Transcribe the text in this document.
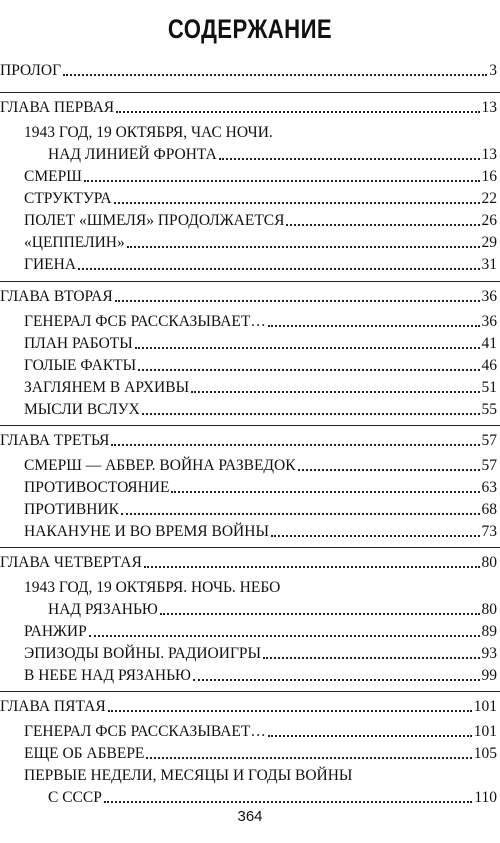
СОДЕРЖАНИЕ
ПРОЛОГ	3
ГЛАВА ПЕРВАЯ	13
1943 ГОД, 19 ОКТЯБРЯ, ЧАС НОЧИ.
НАД ЛИНИЕЙ ФРОНТА	13
СМЕРШ	16
СТРУКТУРА	22
ПОЛЕТ «ШМЕЛЯ» ПРОДОЛЖАЕТСЯ	26
«ЦЕППЕЛИН»	29
ГИЕНА	31
ГЛАВА ВТОРАЯ	36
ГЕНЕРАЛ ФСБ РАССКАЗЫВАЕТ…	36
ПЛАН РАБОТЫ	41
ГОЛЫЕ ФАКТЫ	46
ЗАГЛЯНЕМ В АРХИВЫ	51
МЫСЛИ ВСЛУХ	55
ГЛАВА ТРЕТЬЯ	57
СМЕРШ — АБВЕР. ВОЙНА РАЗВЕДОК	57
ПРОТИВОСТОЯНИЕ	63
ПРОТИВНИК	68
НАКАНУНЕ И ВО ВРЕМЯ ВОЙНЫ	73
ГЛАВА ЧЕТВЕРТАЯ	80
1943 ГОД, 19 ОКТЯБРЯ. НОЧЬ. НЕБО
НАД РЯЗАНЬЮ	80
РАНЖИР	89
ЭПИЗОДЫ ВОЙНЫ. РАДИОИГРЫ	93
В НЕБЕ НАД РЯЗАНЬЮ	99
ГЛАВА ПЯТАЯ	101
ГЕНЕРАЛ ФСБ РАССКАЗЫВАЕТ…	101
ЕЩЕ ОБ АБВЕРЕ	105
ПЕРВЫЕ НЕДЕЛИ, МЕСЯЦЫ И ГОДЫ ВОЙНЫ
С СССР	110
364
